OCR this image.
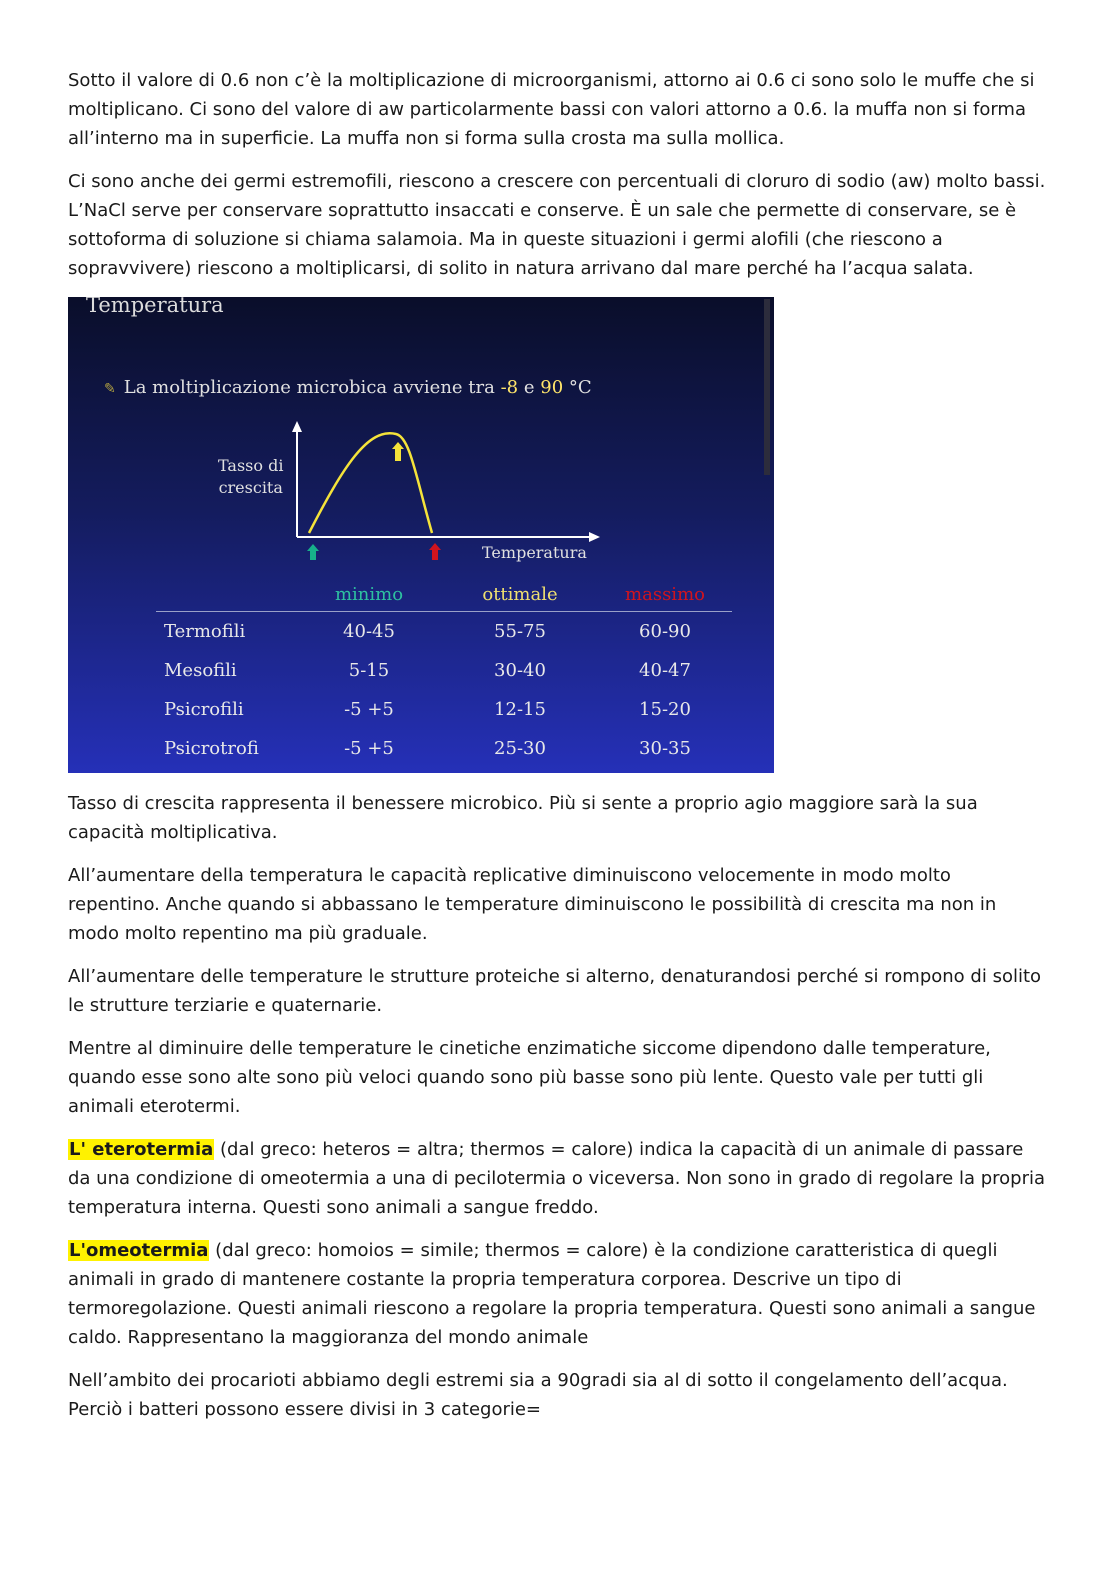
Sotto il valore di 0.6 non c’è la moltiplicazione di microorganismi, attorno ai 0.6 ci sono solo le muffe che si moltiplicano. Ci sono del valore di aw particolarmente bassi con valori attorno a 0.6. la muffa non si forma all’interno ma in superficie. La muffa non si forma sulla crosta ma sulla mollica.

Ci sono anche dei germi estremofili, riescono a crescere con percentuali di cloruro di sodio (aw) molto bassi. L’NaCl serve per conservare soprattutto insaccati e conserve. È un sale che permette di conservare, se è sottoforma di soluzione si chiama salamoia. Ma in queste situazioni i germi alofili (che riescono a sopravvivere) riescono a moltiplicarsi, di solito in natura arrivano dal mare perché ha l’acqua salata.

Temperatura
✎ La moltiplicazione microbica avviene tra -8 e 90 °C
Tasso di
crescita
Temperatura
	minimo	ottimale	massimo
Termofili	40-45	55-75	60-90
Mesofili	5-15	30-40	40-47
Psicrofili	-5 +5	12-15	15-20
Psicrotrofi	-5 +5	25-30	30-35

Tasso di crescita rappresenta il benessere microbico. Più si sente a proprio agio maggiore sarà la sua capacità moltiplicativa.

All’aumentare della temperatura le capacità replicative diminuiscono velocemente in modo molto repentino. Anche quando si abbassano le temperature diminuiscono le possibilità di crescita ma non in modo molto repentino ma più graduale.

All’aumentare delle temperature le strutture proteiche si alterno, denaturandosi perché si rompono di solito le strutture terziarie e quaternarie.

Mentre al diminuire delle temperature le cinetiche enzimatiche siccome dipendono dalle temperature, quando esse sono alte sono più veloci quando sono più basse sono più lente. Questo vale per tutti gli animali eterotermi.

L' eterotermia (dal greco: heteros = altra; thermos = calore) indica la capacità di un animale di passare da una condizione di omeotermia a una di pecilotermia o viceversa. Non sono in grado di regolare la propria temperatura interna. Questi sono animali a sangue freddo.

L'omeotermia (dal greco: homoios = simile; thermos = calore) è la condizione caratteristica di quegli animali in grado di mantenere costante la propria temperatura corporea. Descrive un tipo di termoregolazione. Questi animali riescono a regolare la propria temperatura. Questi sono animali a sangue caldo. Rappresentano la maggioranza del mondo animale

Nell’ambito dei procarioti abbiamo degli estremi sia a 90gradi sia al di sotto il congelamento dell’acqua. Perciò i batteri possono essere divisi in 3 categorie=
